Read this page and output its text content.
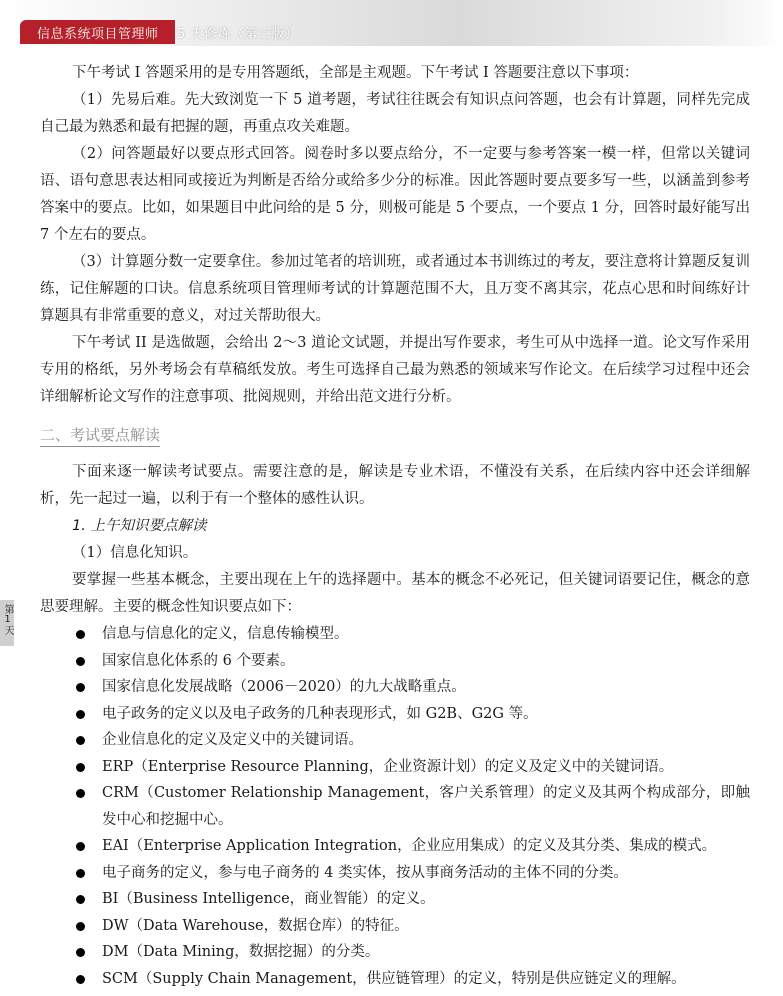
信息系统项目管理师 5 天修炼（第三版）
第1天

下午考试 I 答题采用的是专用答题纸，全部是主观题。下午考试 I 答题要注意以下事项：

（1）先易后难。先大致浏览一下 5 道考题，考试往往既会有知识点问答题，也会有计算题，同样先完成自己最为熟悉和最有把握的题，再重点攻关难题。

（2）问答题最好以要点形式回答。阅卷时多以要点给分，不一定要与参考答案一模一样，但常以关键词语、语句意思表达相同或接近为判断是否给分或给多少分的标准。因此答题时要点要多写一些，以涵盖到参考答案中的要点。比如，如果题目中此问给的是 5 分，则极可能是 5 个要点，一个要点 1 分，回答时最好能写出 7 个左右的要点。

（3）计算题分数一定要拿住。参加过笔者的培训班，或者通过本书训练过的考友，要注意将计算题反复训练，记住解题的口诀。信息系统项目管理师考试的计算题范围不大，且万变不离其宗，花点心思和时间练好计算题具有非常重要的意义，对过关帮助很大。

下午考试 II 是选做题，会给出 2～3 道论文试题，并提出写作要求，考生可从中选择一道。论文写作采用专用的格纸，另外考场会有草稿纸发放。考生可选择自己最为熟悉的领域来写作论文。在后续学习过程中还会详细解析论文写作的注意事项、批阅规则，并给出范文进行分析。

二、考试要点解读

下面来逐一解读考试要点。需要注意的是，解读是专业术语，不懂没有关系，在后续内容中还会详细解析，先一起过一遍，以利于有一个整体的感性认识。

1. 上午知识要点解读

（1）信息化知识。

要掌握一些基本概念，主要出现在上午的选择题中。基本的概念不必死记，但关键词语要记住，概念的意思要理解。主要的概念性知识要点如下：

信息与信息化的定义，信息传输模型。
国家信息化体系的 6 个要素。
国家信息化发展战略（2006－2020）的九大战略重点。
电子政务的定义以及电子政务的几种表现形式，如 G2B、G2G 等。
企业信息化的定义及定义中的关键词语。
ERP（Enterprise Resource Planning，企业资源计划）的定义及定义中的关键词语。
CRM（Customer Relationship Management，客户关系管理）的定义及其两个构成部分，即触发中心和挖掘中心。
EAI（Enterprise Application Integration，企业应用集成）的定义及其分类、集成的模式。
电子商务的定义，参与电子商务的 4 类实体，按从事商务活动的主体不同的分类。
BI（Business Intelligence，商业智能）的定义。
DW（Data Warehouse，数据仓库）的特征。
DM（Data Mining，数据挖掘）的分类。
SCM（Supply Chain Management，供应链管理）的定义，特别是供应链定义的理解。
